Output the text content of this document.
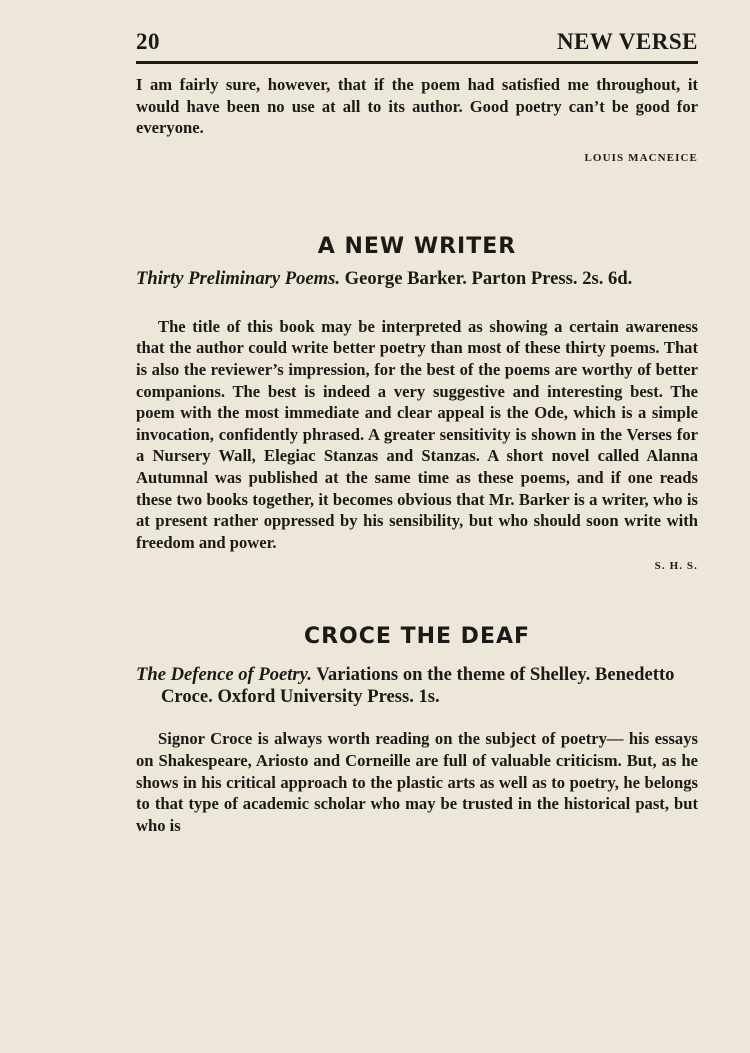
20	NEW VERSE

I am fairly sure, however, that if the poem had satisfied me throughout, it would have been no use at all to its author. Good poetry can’t be good for everyone.

LOUIS MACNEICE
A NEW WRITER

Thirty Preliminary Poems. George Barker. Parton Press. 2s. 6d.

The title of this book may be interpreted as showing a certain awareness that the author could write better poetry than most of these thirty poems. That is also the reviewer’s impression, for the best of the poems are worthy of better companions. The best is indeed a very suggestive and interesting best. The poem with the most immediate and clear appeal is the Ode, which is a simple invocation, confidently phrased. A greater sensitivity is shown in the Verses for a Nursery Wall, Elegiac Stanzas and Stanzas. A short novel called Alanna Autumnal was published at the same time as these poems, and if one reads these two books together, it becomes obvious that Mr. Barker is a writer, who is at present rather oppressed by his sensibility, but who should soon write with freedom and power.

S. H. S.
CROCE THE DEAF

The Defence of Poetry. Variations on the theme of Shelley. Benedetto Croce. Oxford University Press. 1s.

Signor Croce is always worth reading on the subject of poetry— his essays on Shakespeare, Ariosto and Corneille are full of valuable criticism. But, as he shows in his critical approach to the plastic arts as well as to poetry, he belongs to that type of academic scholar who may be trusted in the historical past, but who is
